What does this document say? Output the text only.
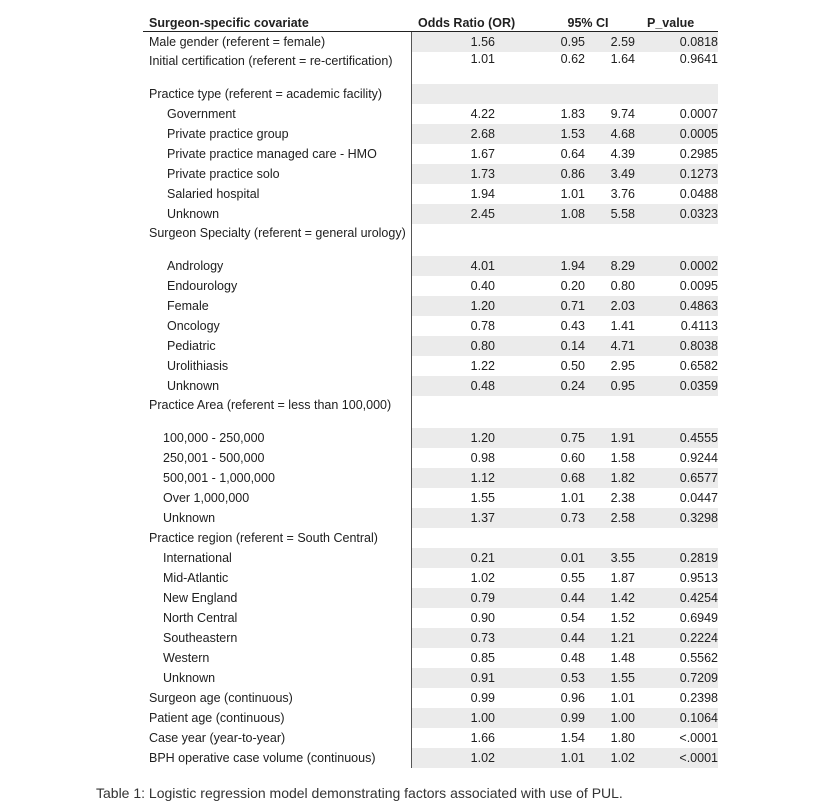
Surgeon-specific covariate	Odds Ratio (OR)	95% CI	P_value
Male gender (referent = female)	1.56	0.95	2.59	0.0818
Initial certification (referent = re-certification)	1.01	0.62	1.64	0.9641
Practice type (referent = academic facility)
Government	4.22	1.83	9.74	0.0007
Private practice group	2.68	1.53	4.68	0.0005
Private practice managed care - HMO	1.67	0.64	4.39	0.2985
Private practice solo	1.73	0.86	3.49	0.1273
Salaried hospital	1.94	1.01	3.76	0.0488
Unknown	2.45	1.08	5.58	0.0323
Surgeon Specialty (referent = general urology)
Andrology	4.01	1.94	8.29	0.0002
Endourology	0.40	0.20	0.80	0.0095
Female	1.20	0.71	2.03	0.4863
Oncology	0.78	0.43	1.41	0.4113
Pediatric	0.80	0.14	4.71	0.8038
Urolithiasis	1.22	0.50	2.95	0.6582
Unknown	0.48	0.24	0.95	0.0359
Practice Area (referent = less than 100,000)
100,000 - 250,000	1.20	0.75	1.91	0.4555
250,001 - 500,000	0.98	0.60	1.58	0.9244
500,001 - 1,000,000	1.12	0.68	1.82	0.6577
Over 1,000,000	1.55	1.01	2.38	0.0447
Unknown	1.37	0.73	2.58	0.3298
Practice region (referent = South Central)
International	0.21	0.01	3.55	0.2819
Mid-Atlantic	1.02	0.55	1.87	0.9513
New England	0.79	0.44	1.42	0.4254
North Central	0.90	0.54	1.52	0.6949
Southeastern	0.73	0.44	1.21	0.2224
Western	0.85	0.48	1.48	0.5562
Unknown	0.91	0.53	1.55	0.7209
Surgeon age (continuous)	0.99	0.96	1.01	0.2398
Patient age (continuous)	1.00	0.99	1.00	0.1064
Case year (year-to-year)	1.66	1.54	1.80	<.0001
BPH operative case volume (continuous)	1.02	1.01	1.02	<.0001
Table 1: Logistic regression model demonstrating factors associated with use of PUL.
